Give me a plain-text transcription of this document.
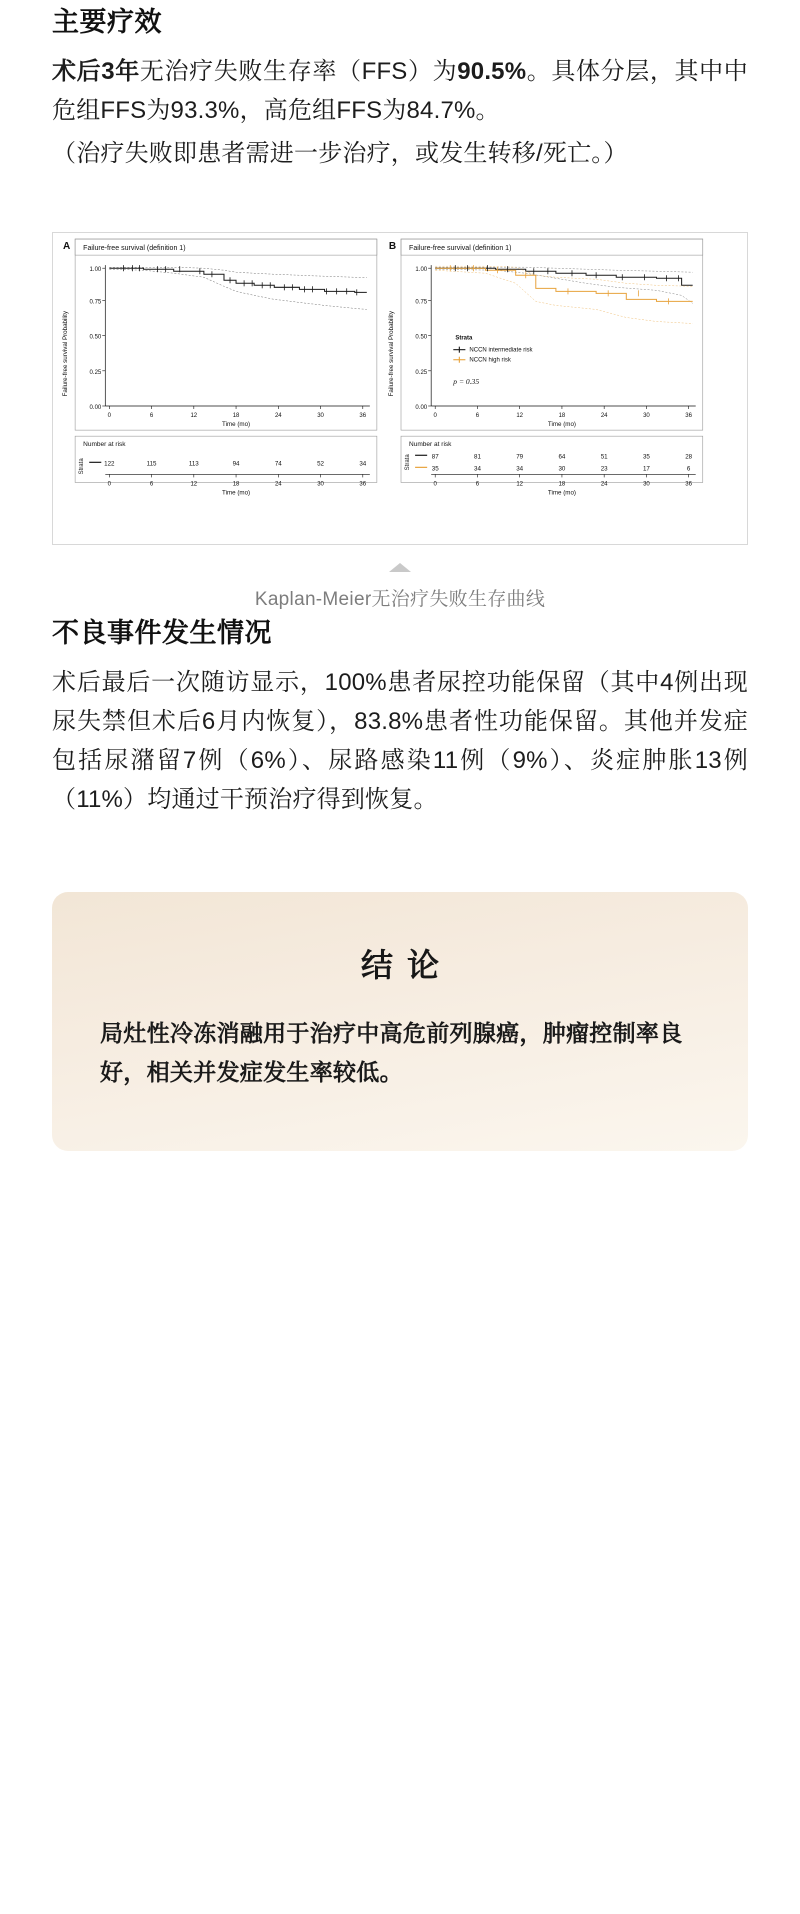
主要疗效

术后3年无治疗失败生存率（FFS）为90.5%。具体分层，其中中危组FFS为93.3%，高危组FFS为84.7%。

（治疗失败即患者需进一步治疗，或发生转移/死亡。）

A Failure-free survival (definition 1)
Failure-free survival Probability
0.00
0.25
0.50
0.75
1.00
0	6	12	18	24	30	36
Time (mo)
Number at risk
Strata	122	115	113	94	74	52	34
0	6	12	18	24	30	36
Time (mo)
B Failure-free survival (definition 1)
Failure-free survival Probability
0.00
0.25
0.50
0.75
1.00
0	6	12	18	24	30	36
Time (mo)
Strata
NCCN intermediate risk
NCCN high risk
p = 0.35
Number at risk
Strata	87	81	79	64	51	35	28
35	34	34	30	23	17	6
0	6	12	18	24	30	36
Time (mo)
Kaplan-Meier无治疗失败生存曲线
不良事件发生情况

术后最后一次随访显示，100%患者尿控功能保留（其中4例出现尿失禁但术后6月内恢复），83.8%患者性功能保留。其他并发症包括尿潴留7例（6%）、尿路感染11例（9%）、炎症肿胀13例（11%）均通过干预治疗得到恢复。

结论

局灶性冷冻消融用于治疗中高危前列腺癌，肿瘤控制率良好，相关并发症发生率较低。
